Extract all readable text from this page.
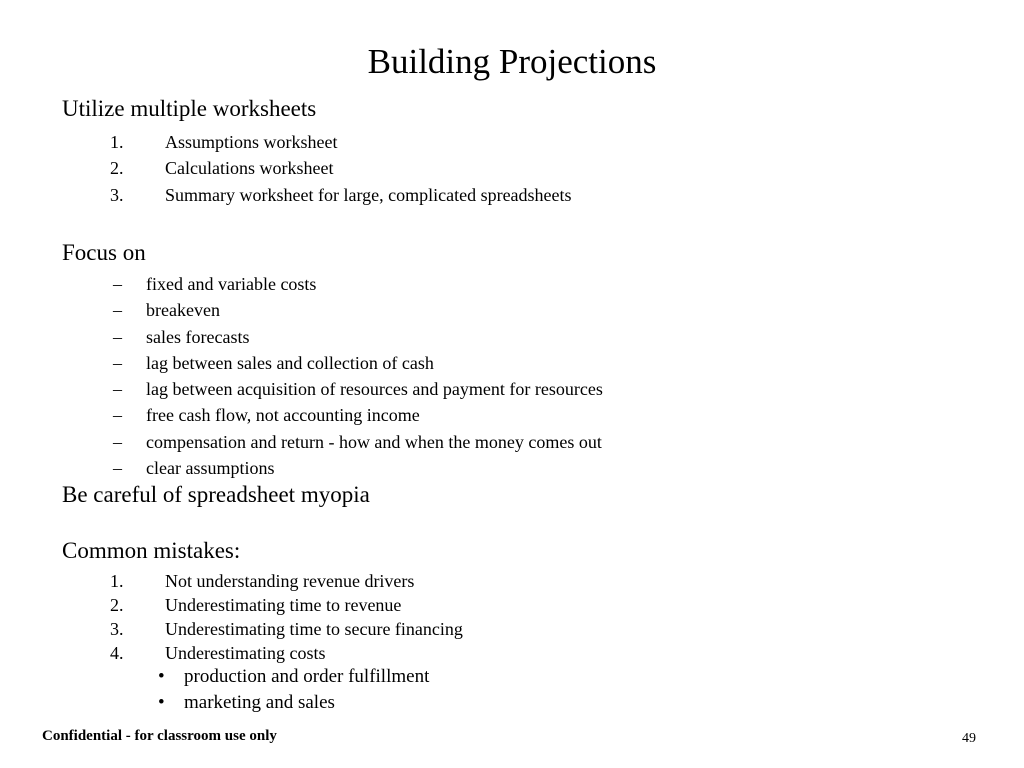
Building Projections
Utilize multiple worksheets
1.	Assumptions worksheet
2.	Calculations worksheet
3.	Summary worksheet for large, complicated spreadsheets
Focus on
–	fixed and variable costs
–	breakeven
–	sales forecasts
–	lag between sales and collection of cash
–	lag between acquisition of resources and payment for resources
–	free cash flow, not accounting income
–	compensation and return - how and when the money comes out
–	clear assumptions
Be careful of spreadsheet myopia
Common mistakes:
1.	Not understanding revenue drivers
2.	Underestimating time to revenue
3.	Underestimating time to secure financing
4.	Underestimating costs
•	production and order fulfillment
•	marketing and sales
Confidential - for classroom use only	49
